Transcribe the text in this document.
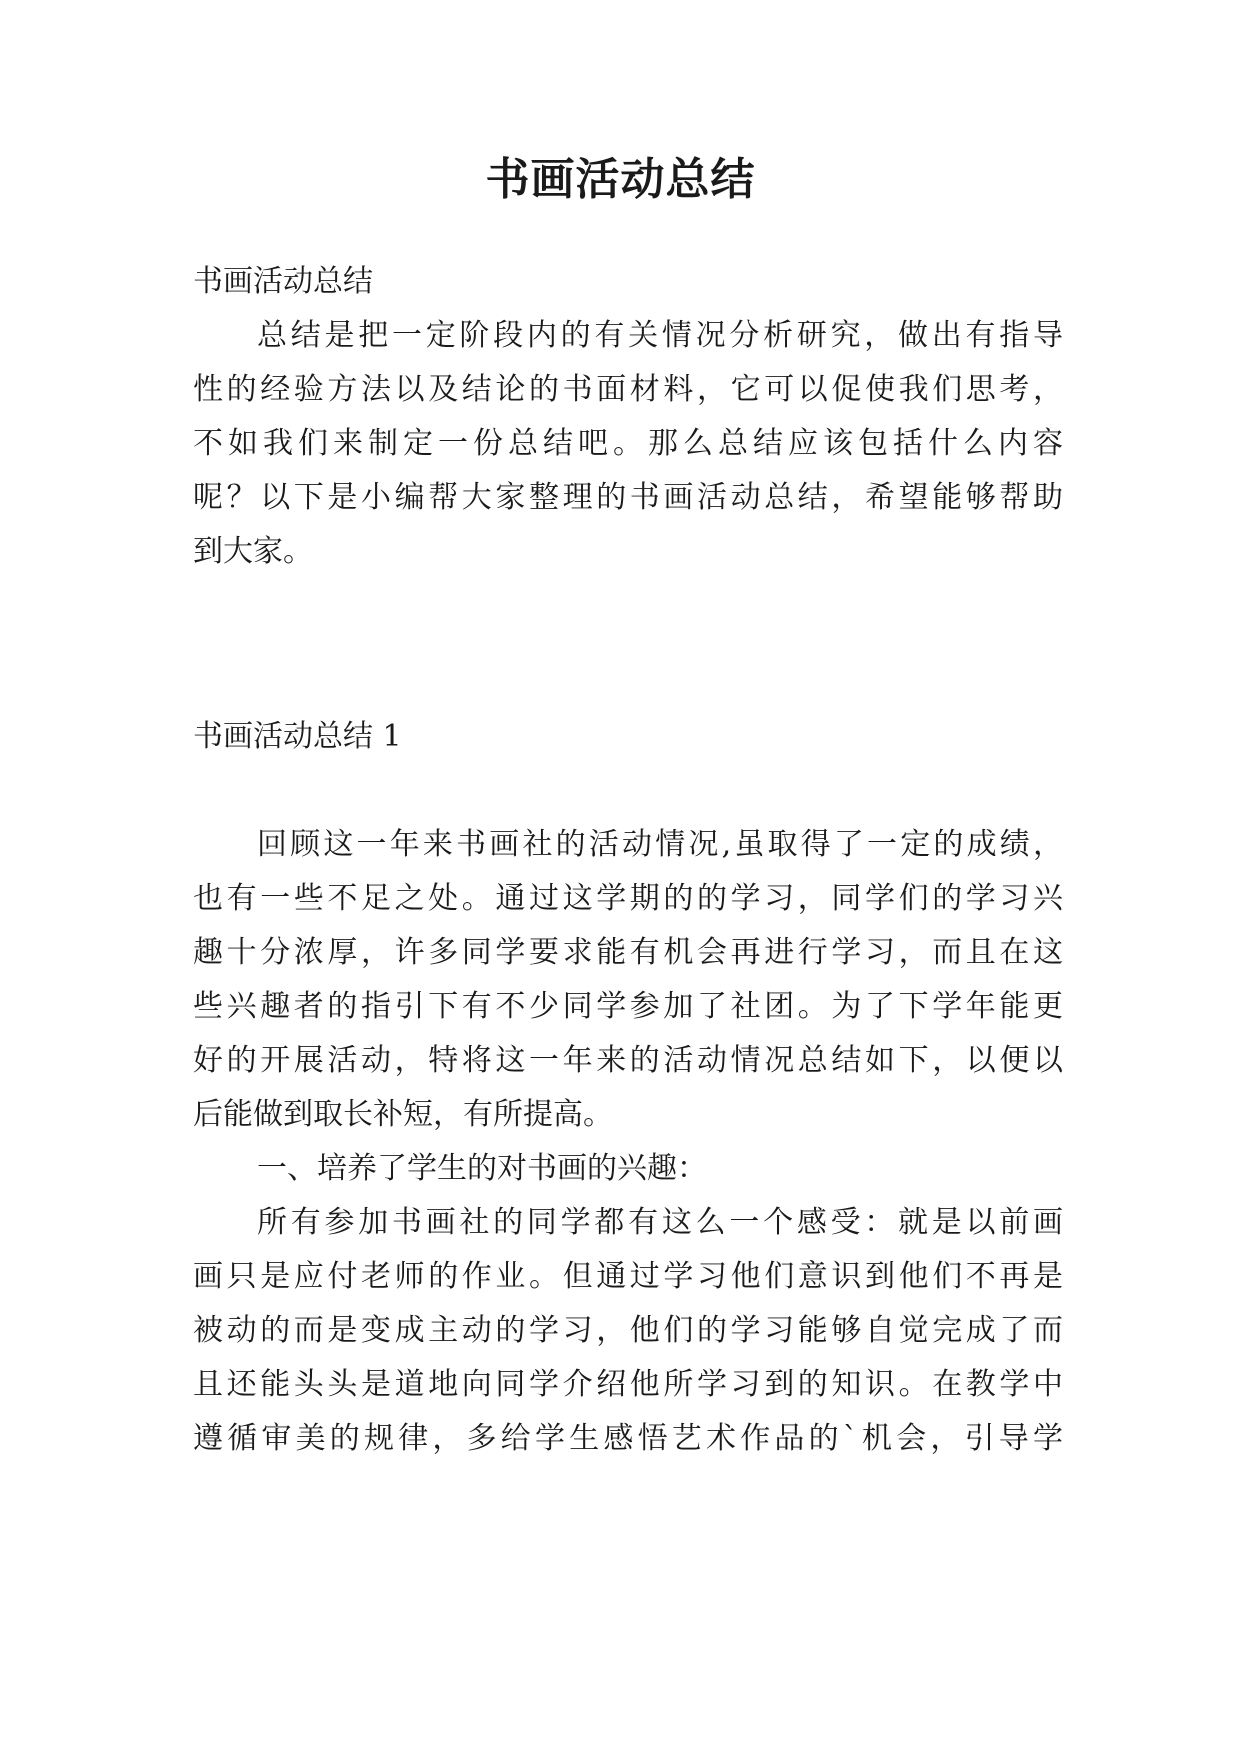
书画活动总结
书画活动总结
总结是把一定阶段内的有关情况分析研究，做出有指导
性的经验方法以及结论的书面材料，它可以促使我们思考，
不如我们来制定一份总结吧。那么总结应该包括什么内容
呢？以下是小编帮大家整理的书画活动总结，希望能够帮助
到大家。
书画活动总结 1
回顾这一年来书画社的活动情况,虽取得了一定的成绩，
也有一些不足之处。通过这学期的的学习，同学们的学习兴
趣十分浓厚，许多同学要求能有机会再进行学习，而且在这
些兴趣者的指引下有不少同学参加了社团。为了下学年能更
好的开展活动，特将这一年来的活动情况总结如下，以便以
后能做到取长补短，有所提高。
一、培养了学生的对书画的兴趣：
所有参加书画社的同学都有这么一个感受：就是以前画
画只是应付老师的作业。但通过学习他们意识到他们不再是
被动的而是变成主动的学习，他们的学习能够自觉完成了而
且还能头头是道地向同学介绍他所学习到的知识。在教学中
遵循审美的规律，多给学生感悟艺术作品的`机会，引导学
